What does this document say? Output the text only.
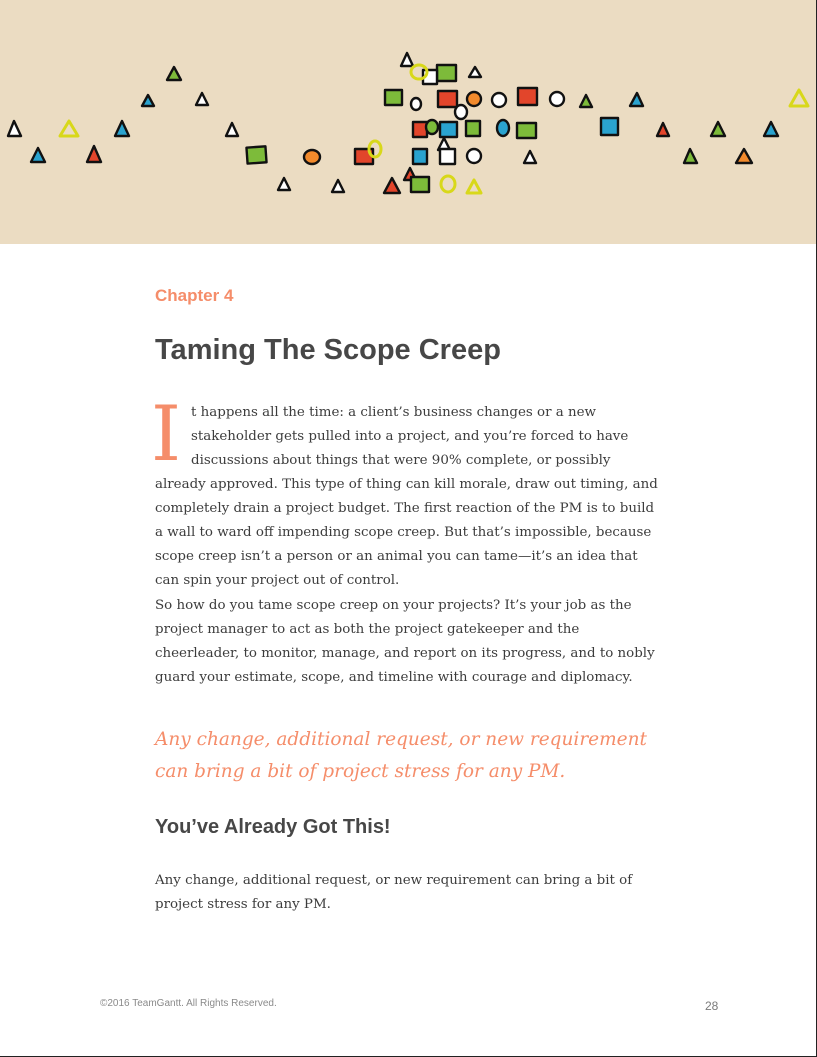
Chapter 4
Taming The Scope Creep

It happens all the time: a client’s business changes or a new stakeholder gets pulled into a project, and you’re forced to have discussions about things that were 90% complete, or possibly already approved. This type of thing can kill morale, draw out timing, and completely drain a project budget. The first reaction of the PM is to build a wall to ward off impending scope creep. But that’s impossible, because scope creep isn’t a person or an animal you can tame—it’s an idea that can spin your project out of control.

So how do you tame scope creep on your projects? It’s your job as the project manager to act as both the project gatekeeper and the cheerleader, to monitor, manage, and report on its progress, and to nobly guard your estimate, scope, and timeline with courage and diplomacy.

Any change, additional request, or new requirement can bring a bit of project stress for any PM.

You’ve Already Got This!

Any change, additional request, or new requirement can bring a bit of project stress for any PM.

©2016 TeamGantt. All Rights Reserved.	28
